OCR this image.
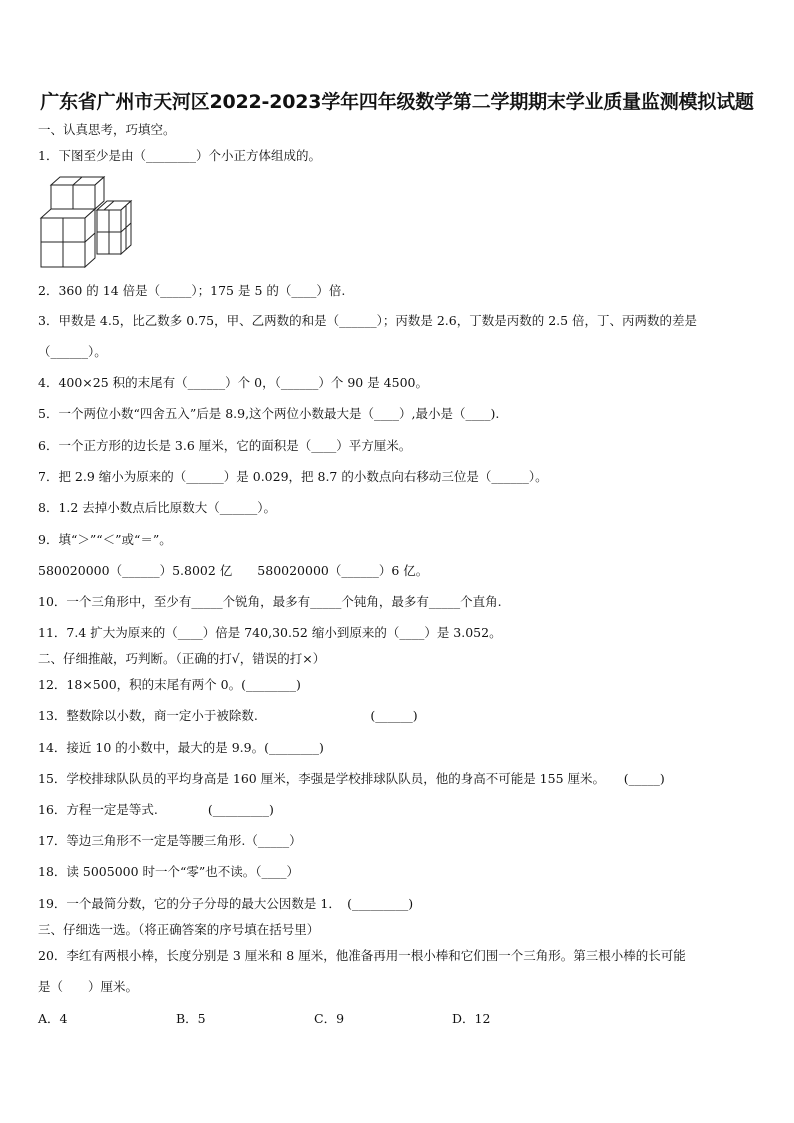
广东省广州市天河区2022-2023学年四年级数学第二学期期末学业质量监测模拟试题
一、认真思考，巧填空。
1．下图至少是由（________）个小正方体组成的。
2．360 的 14 倍是（_____）；175 是 5 的（____）倍.
3．甲数是 4.5，比乙数多 0.75，甲、乙两数的和是（______）；丙数是 2.6，丁数是丙数的 2.5 倍，丁、丙两数的差是
（______）。
4．400×25 积的末尾有（______）个 0，（______）个 90 是 4500。
5．一个两位小数“四舍五入”后是 8.9,这个两位小数最大是（____）,最小是（____).
6．一个正方形的边长是 3.6 厘米，它的面积是（____）平方厘米。
7．把 2.9 缩小为原来的（______）是 0.029，把 8.7 的小数点向右移动三位是（______）。
8．1.2 去掉小数点后比原数大（______）。
9．填“＞”“＜”或“＝”。
580020000（______）5.8002 亿　　580020000（______）6 亿。
10．一个三角形中，至少有_____个锐角，最多有_____个钝角，最多有_____个直角.
11．7.4 扩大为原来的（____）倍是 740,30.52 缩小到原来的（____）是 3.052。
二、仔细推敲，巧判断。（正确的打√，错误的打×）
12．18×500，积的末尾有两个 0。(________)
13．整数除以小数，商一定小于被除数.　　　　　　　　　(______)
14．接近 10 的小数中，最大的是 9.9。(________)
15．学校排球队队员的平均身高是 160 厘米，李强是学校排球队队员，他的身高不可能是 155 厘米。　　(_____)
16．方程一定是等式.　　　　(_________)
17．等边三角形不一定是等腰三角形.（_____）
18．读 5005000 时一个“零”也不读。（____）
19．一个最简分数，它的分子分母的最大公因数是 1．　(_________)
三、仔细选一选。（将正确答案的序号填在括号里）
20．李红有两根小棒，长度分别是 3 厘米和 8 厘米，他准备再用一根小棒和它们围一个三角形。第三根小棒的长可能
是（　　）厘米。
A．4	B．5	C．9	D．12
